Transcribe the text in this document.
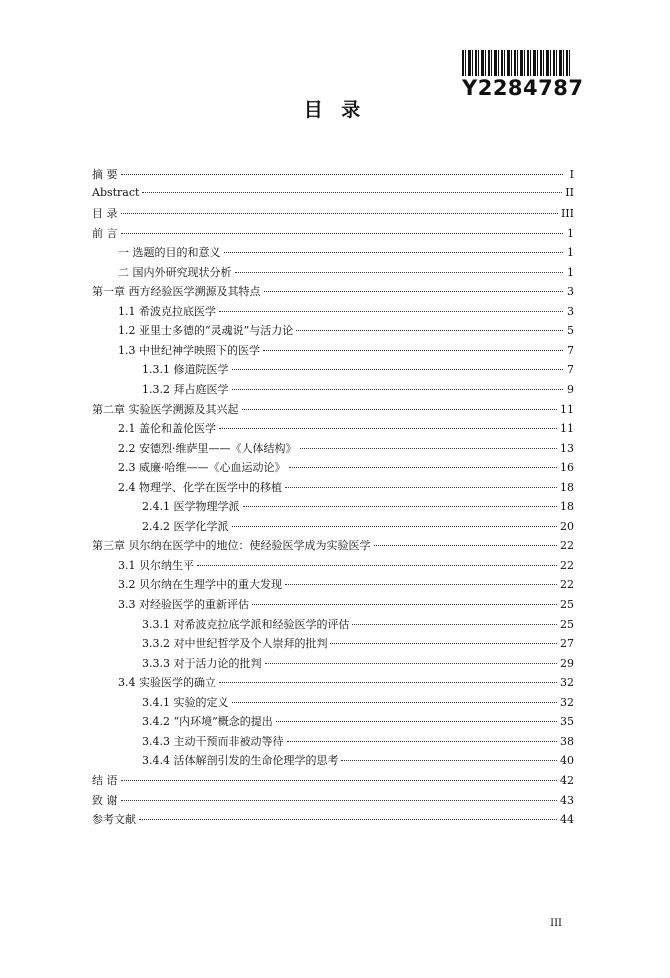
Y2284787
目 录
摘 要	I
Abstract	II
目 录	III
前 言	1
一 选题的目的和意义	1
二 国内外研究现状分析	1
第一章 西方经验医学溯源及其特点	3
1.1 希波克拉底医学	3
1.2 亚里士多德的“灵魂说”与活力论	5
1.3 中世纪神学映照下的医学	7
1.3.1 修道院医学	7
1.3.2 拜占庭医学	9
第二章 实验医学溯源及其兴起	11
2.1 盖伦和盖伦医学	11
2.2 安德烈·维萨里——《人体结构》	13
2.3 威廉·哈维——《心血运动论》	16
2.4 物理学、化学在医学中的移植	18
2.4.1 医学物理学派	18
2.4.2 医学化学派	20
第三章 贝尔纳在医学中的地位：使经验医学成为实验医学	22
3.1 贝尔纳生平	22
3.2 贝尔纳在生理学中的重大发现	22
3.3 对经验医学的重新评估	25
3.3.1 对希波克拉底学派和经验医学的评估	25
3.3.2 对中世纪哲学及个人崇拜的批判	27
3.3.3 对于活力论的批判	29
3.4 实验医学的确立	32
3.4.1 实验的定义	32
3.4.2 “内环境”概念的提出	35
3.4.3 主动干预而非被动等待	38
3.4.4 活体解剖引发的生命伦理学的思考	40
结 语	42
致 谢	43
参考文献	44
III
